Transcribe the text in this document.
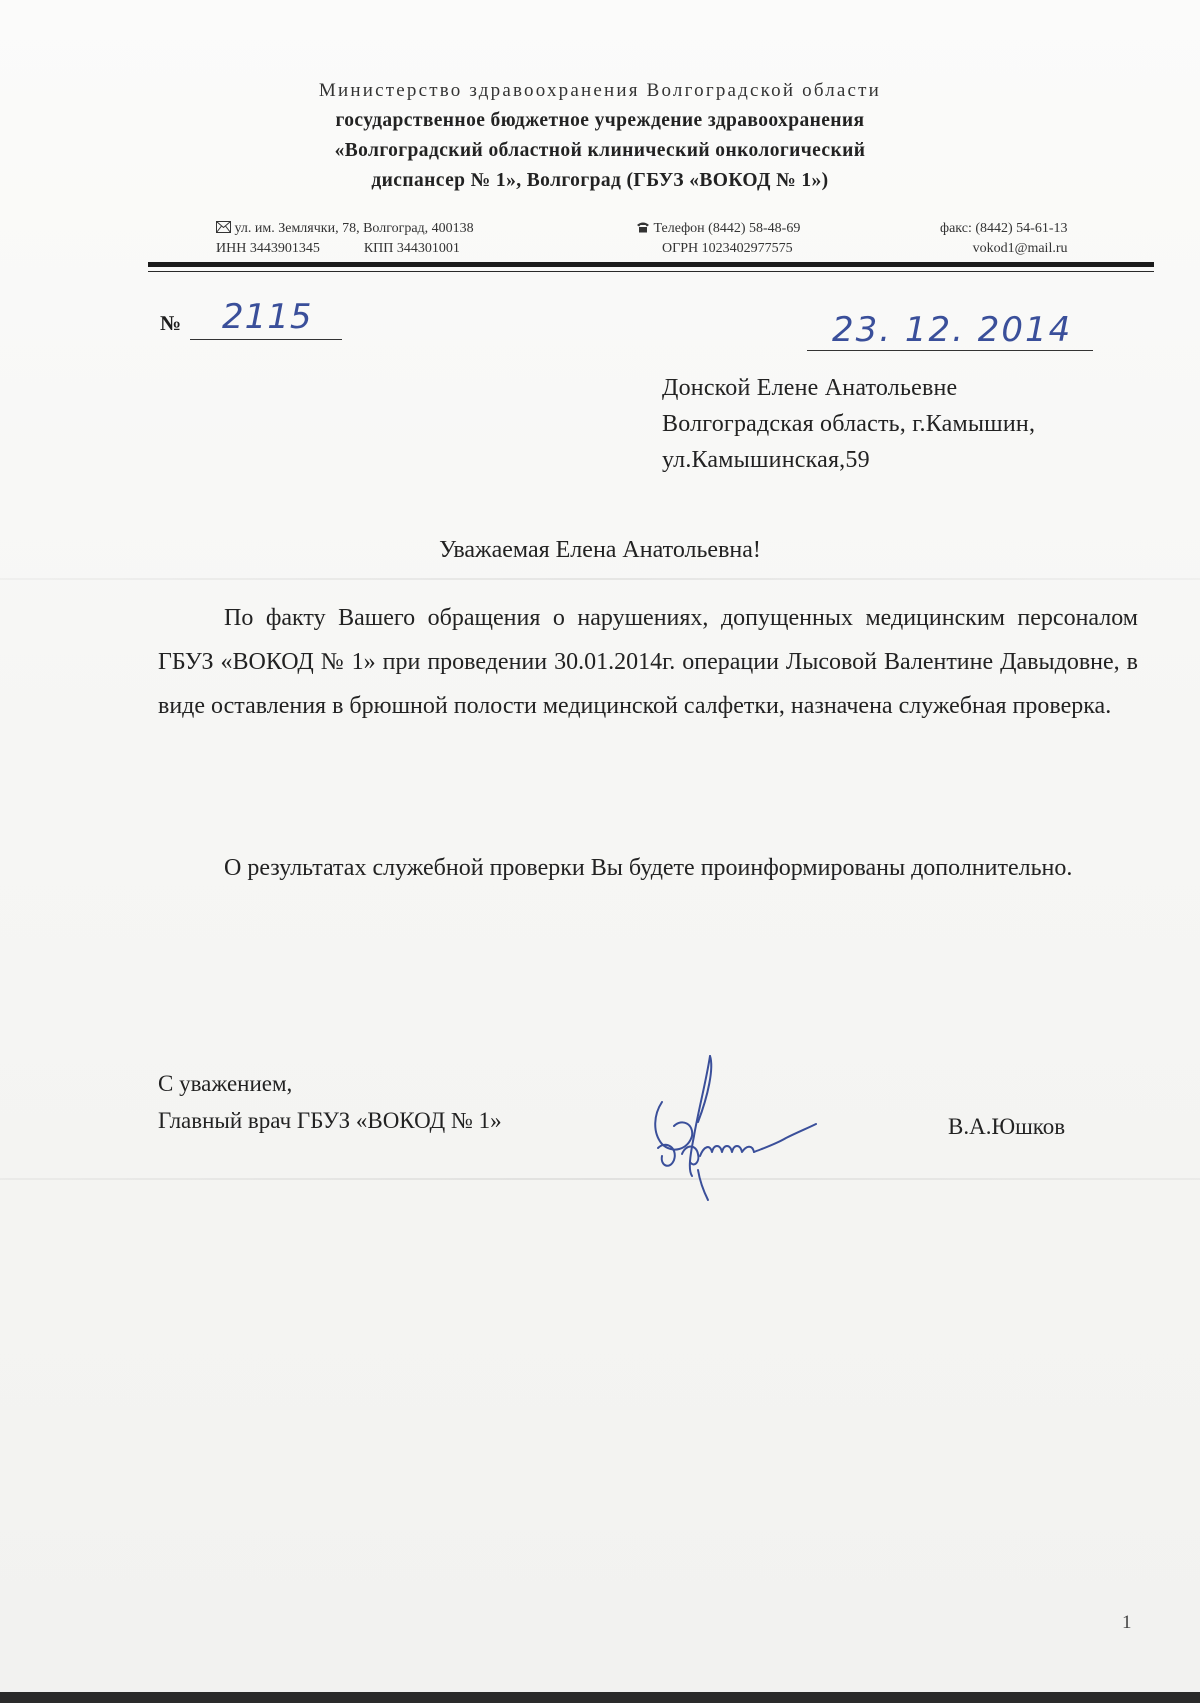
Министерство здравоохранения Волгоградской области
государственное бюджетное учреждение здравоохранения
«Волгоградский областной клинический онкологический
диспансер № 1», Волгоград (ГБУЗ «ВОКОД № 1»)
ул. им. Землячки, 78, Волгоград, 400138
ИНН 3443901345	КПП 344301001
Телефон (8442) 58-48-69
ОГРН 1023402977575
факс: (8442) 54-61-13
vokod1@mail.ru
№ 2115	23. 12. 2014
Донской Елене Анатольевне
Волгоградская область, г.Камышин,
ул.Камышинская,59
Уважаемая Елена Анатольевна!
По факту Вашего обращения о нарушениях, допущенных медицинским персоналом ГБУЗ «ВОКОД № 1» при проведении 30.01.2014г. операции Лысовой Валентине Давыдовне, в виде оставления в брюшной полости медицинской салфетки, назначена служебная проверка.
О результатах служебной проверки Вы будете проинформированы дополнительно.
С уважением,
Главный врач ГБУЗ «ВОКОД № 1»	В.А.Юшков
1
